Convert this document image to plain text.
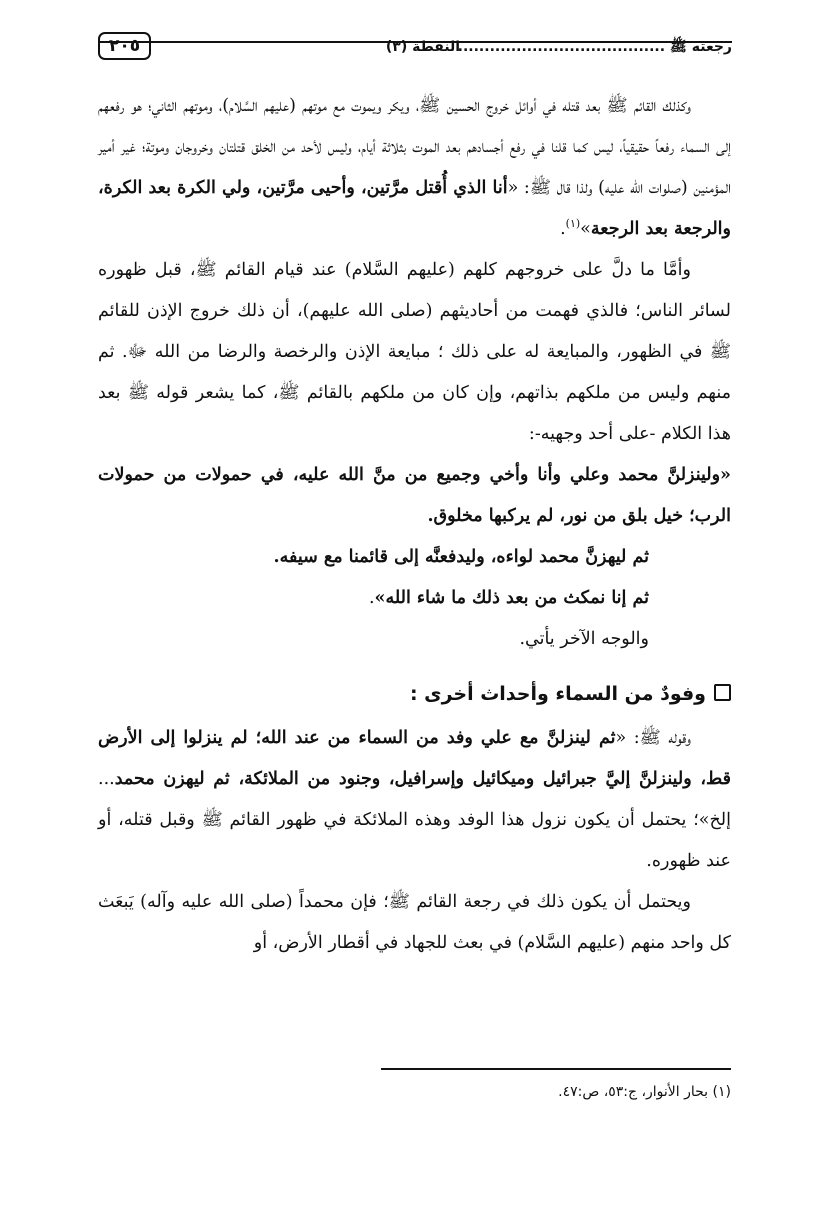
٢٠٥	النقطة (٣)
رجعته ﷺ .......................................

وكذلك القائم ﷺ بعد قتله في أوائل خروج الحسين ﷺ، ويكر ويموت مع موتهم (عليهم السَّلام)، وموتهم الثاني؛ هو رفعهم إلى السماء رفعاً حقيقياً، ليس كما قلنا في رفع أجسادهم بعد الموت بثلاثة أيام، وليس لأحد من الخلق قتلتان وخروجان وموتة؛ غير أمير المؤمنين (صلوات الله عليه) ولذا قال ﷺ: «أنا الذي أُقتل مرَّتين، وأحيى مرَّتين، ولي الكرة بعد الكرة، والرجعة بعد الرجعة»$^{(١)}$.

وأمَّا ما دلَّ على خروجهم كلهم (عليهم السَّلام) عند قيام القائم ﷺ، قبل ظهوره لسائر الناس؛ فالذي فهمت من أحاديثهم (صلى الله عليهم)، أن ذلك خروج الإذن للقائم ﷺ في الظهور، والمبايعة له على ذلك ؛ مبايعة الإذن والرخصة والرضا من الله ﷻ. ثم منهم وليس من ملكهم بذاتهم، وإن كان من ملكهم بالقائم ﷺ، كما يشعر قوله ﷺ بعد هذا الكلام -على أحد وجهيه-:

«ولينزلنَّ محمد وعلي وأنا وأخي وجميع من منَّ الله عليه، في حمولات من حمولات الرب؛ خيل بلق من نور، لم يركبها مخلوق.

ثم ليهزنَّ محمد لواءه، وليدفعنَّه إلى قائمنا مع سيفه.

ثم إنا نمكث من بعد ذلك ما شاء الله».

والوجه الآخر يأتي.

وفودٌ من السماء وأحداث أخرى :

وقوله ﷺ: «ثم لينزلنَّ مع علي وفد من السماء من عند الله؛ لم ينزلوا إلى الأرض قط، ولينزلنَّ إليَّ جبرائيل وميكائيل وإسرافيل، وجنود من الملائكة، ثم ليهزن محمد... إلخ»؛ يحتمل أن يكون نزول هذا الوفد وهذه الملائكة في ظهور القائم ﷺ وقبل قتله، أو عند ظهوره.

ويحتمل أن يكون ذلك في رجعة القائم ﷺ؛ فإن محمداً (صلى الله عليه وآله) يَبعَث كل واحد منهم (عليهم السَّلام) في بعث للجهاد في أقطار الأرض، أو

(١) بحار الأنوار، ج:٥٣، ص:٤٧.
